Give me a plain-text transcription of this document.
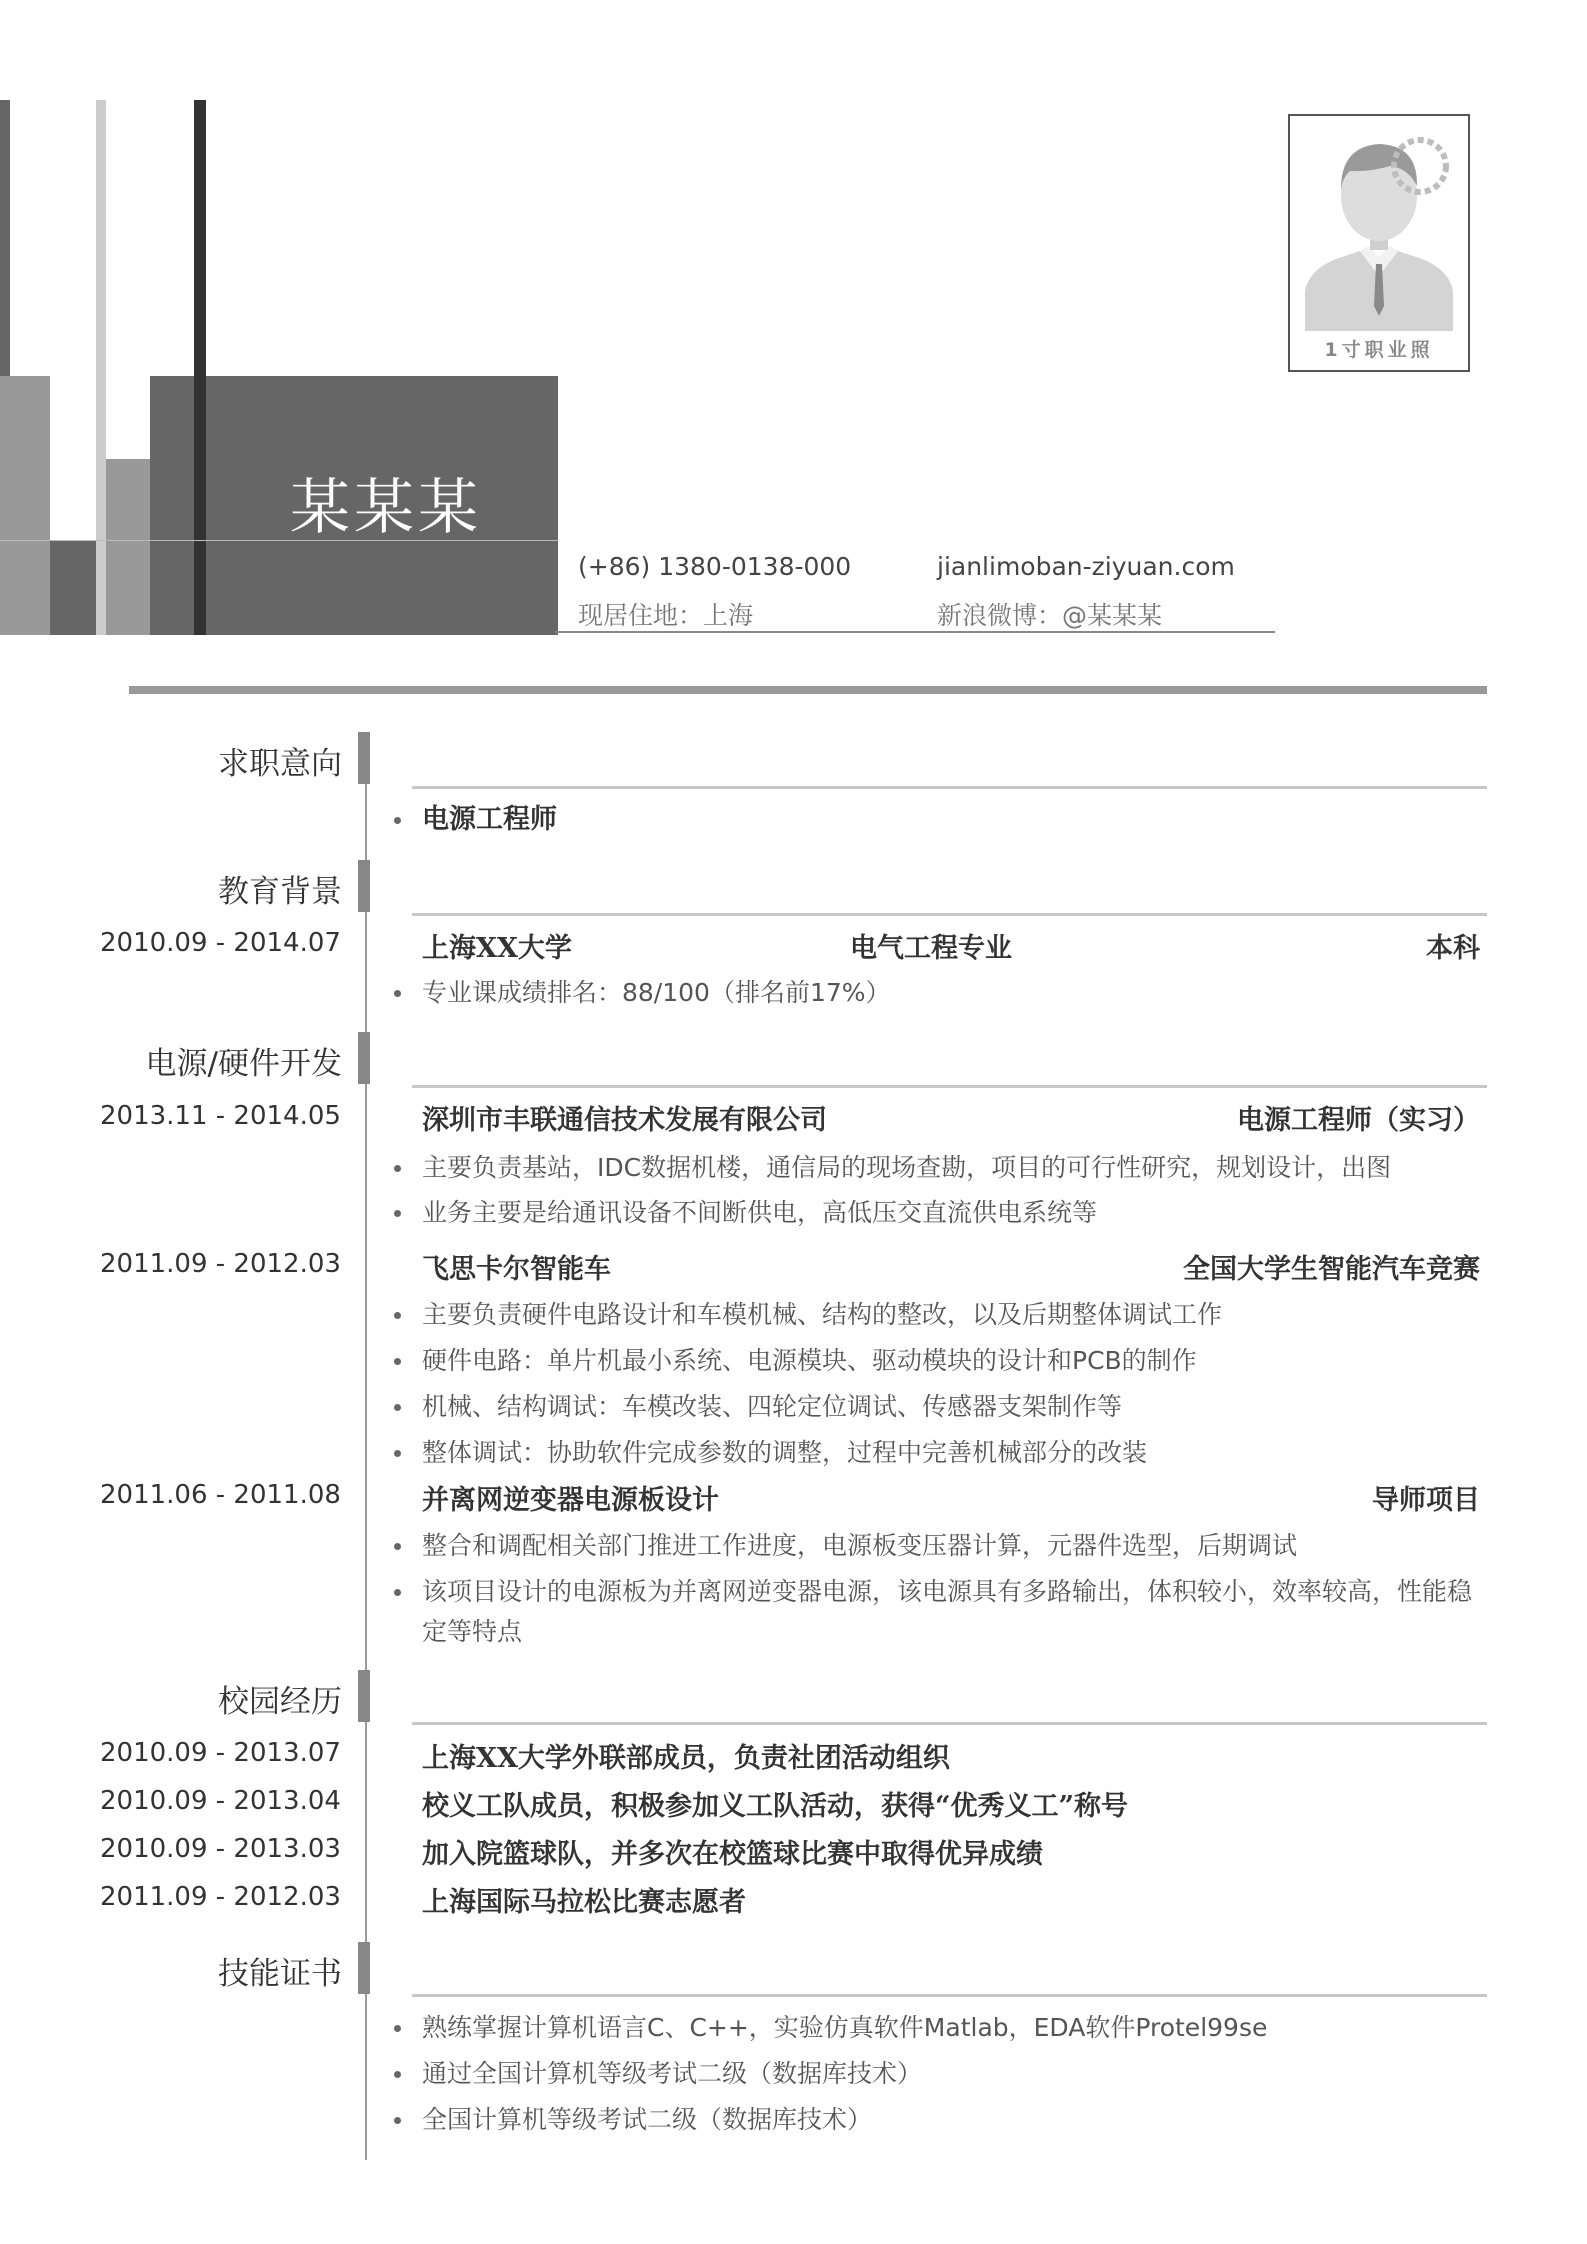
某某某
(+86) 1380-0138-000	jianlimoban-ziyuan.com
现居住地：上海	新浪微博：@某某某
1寸职业照
求职意向
电源工程师
教育背景
2010.09 - 2014.07	上海XX大学	电气工程专业	本科
专业课成绩排名：88/100（排名前17%）
电源/硬件开发
2013.11 - 2014.05	深圳市丰联通信技术发展有限公司	电源工程师（实习）
主要负责基站，IDC数据机楼，通信局的现场查勘，项目的可行性研究，规划设计，出图
业务主要是给通讯设备不间断供电，高低压交直流供电系统等
2011.09 - 2012.03	飞思卡尔智能车	全国大学生智能汽车竞赛
主要负责硬件电路设计和车模机械、结构的整改，以及后期整体调试工作
硬件电路：单片机最小系统、电源模块、驱动模块的设计和PCB的制作
机械、结构调试：车模改装、四轮定位调试、传感器支架制作等
整体调试：协助软件完成参数的调整，过程中完善机械部分的改装
2011.06 - 2011.08	并离网逆变器电源板设计	导师项目
整合和调配相关部门推进工作进度，电源板变压器计算，元器件选型，后期调试
该项目设计的电源板为并离网逆变器电源，该电源具有多路输出，体积较小，效率较高，性能稳定等特点
校园经历
2010.09 - 2013.07	上海XX大学外联部成员，负责社团活动组织
2010.09 - 2013.04	校义工队成员，积极参加义工队活动，获得“优秀义工”称号
2010.09 - 2013.03	加入院篮球队，并多次在校篮球比赛中取得优异成绩
2011.09 - 2012.03	上海国际马拉松比赛志愿者
技能证书
熟练掌握计算机语言C、C++，实验仿真软件Matlab，EDA软件Protel99se
通过全国计算机等级考试二级（数据库技术）
全国计算机等级考试二级（数据库技术）
